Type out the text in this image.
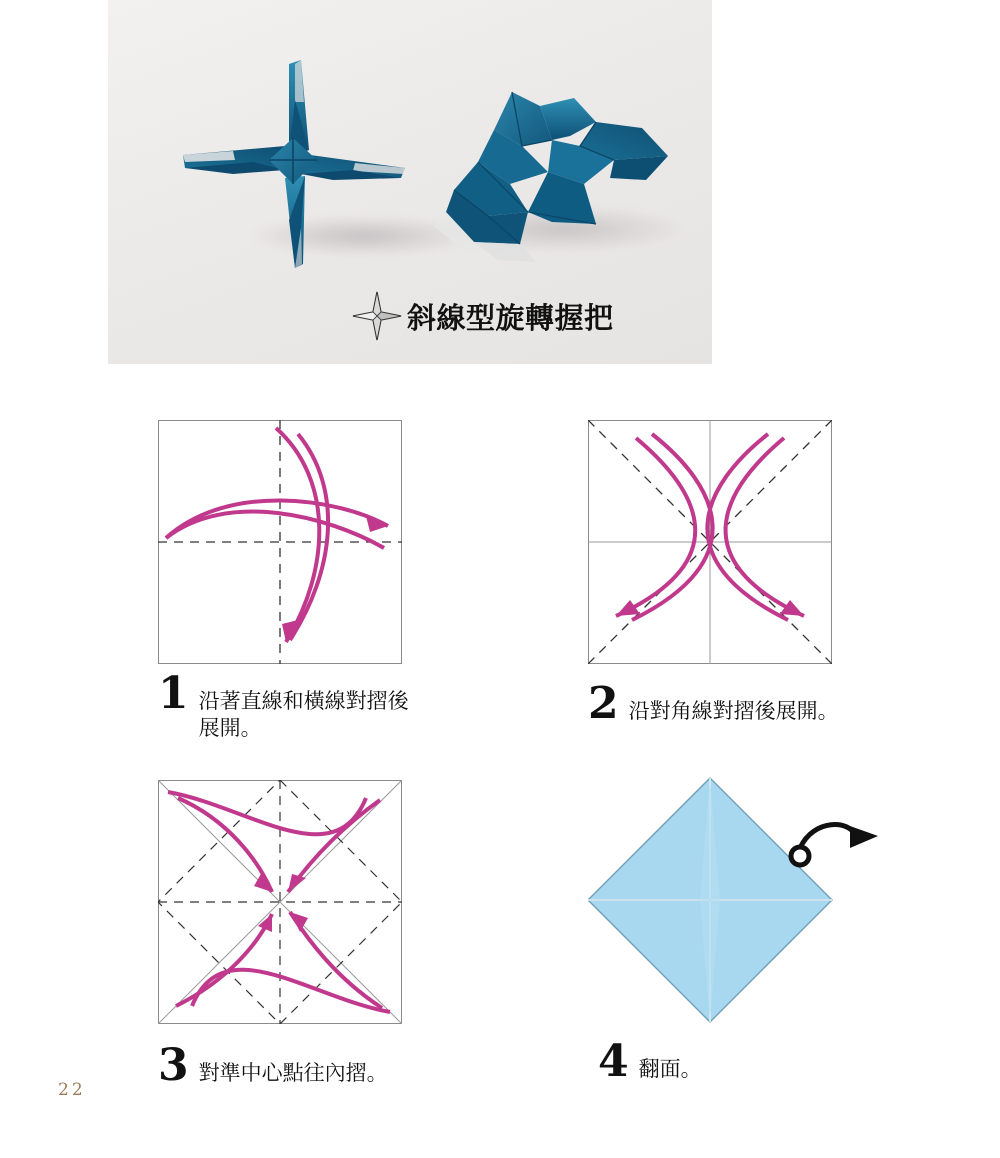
斜線型旋轉握把
1 沿著直線和橫線對摺後
展開。	2 沿對角線對摺後展開。
3 對準中心點往內摺。	4 翻面。
22
